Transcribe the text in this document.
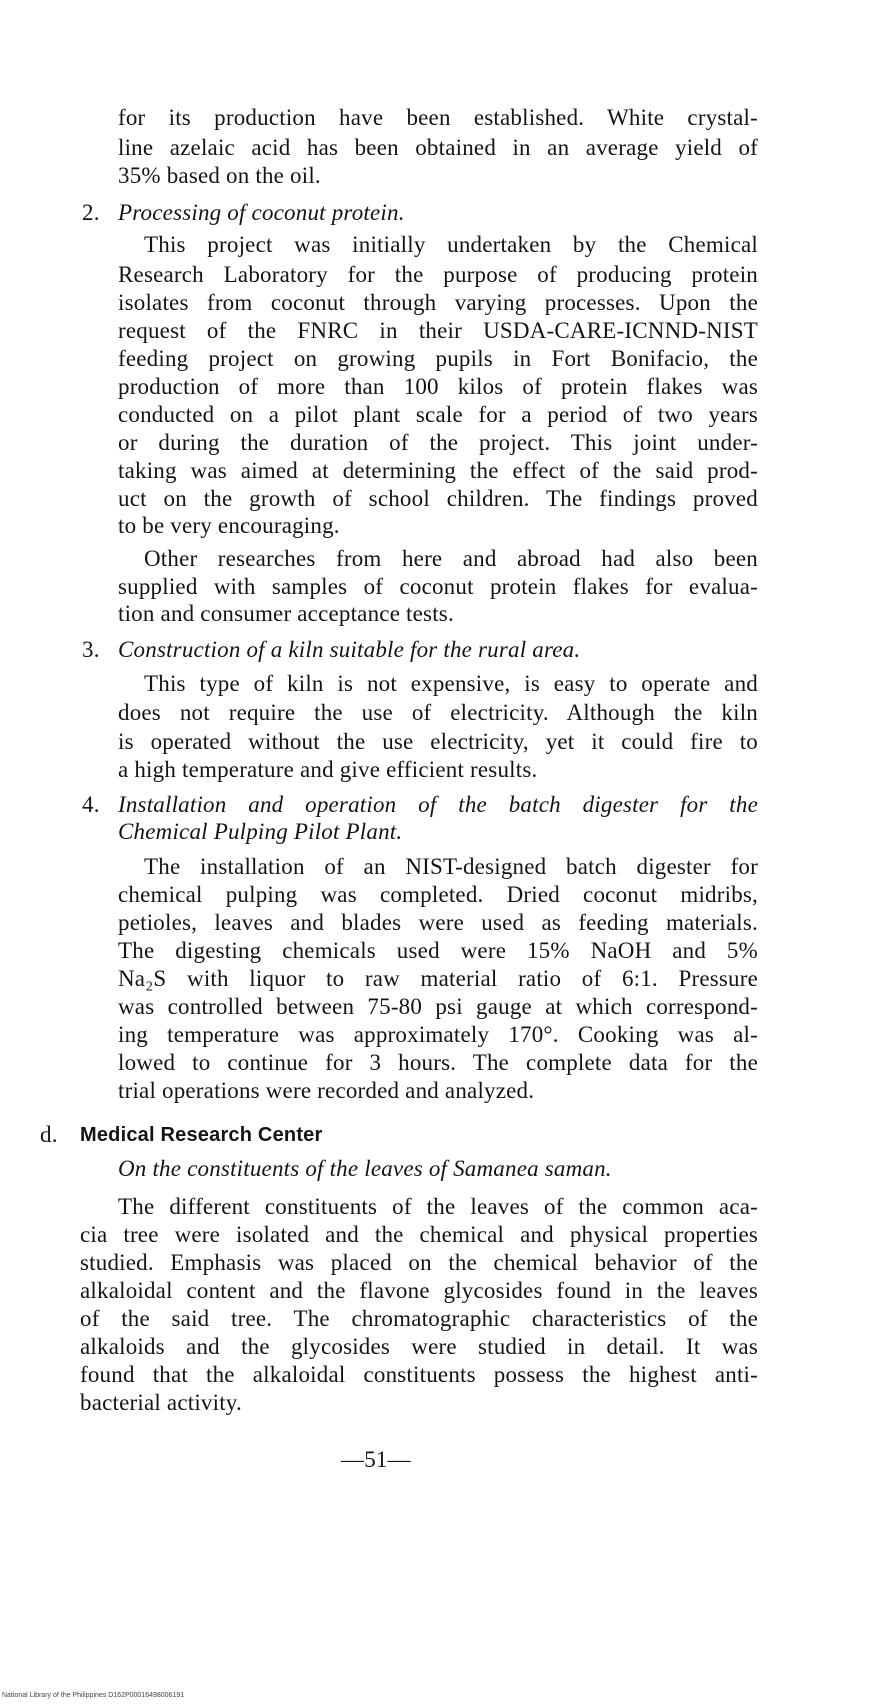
for its production have been established. White crystal-
line azelaic acid has been obtained in an average yield of
35% based on the oil.
2. Processing of coconut protein.
This project was initially undertaken by the Chemical
Research Laboratory for the purpose of producing protein
isolates from coconut through varying processes. Upon the
request of the FNRC in their USDA-CARE-ICNND-NIST
feeding project on growing pupils in Fort Bonifacio, the
production of more than 100 kilos of protein flakes was
conducted on a pilot plant scale for a period of two years
or during the duration of the project. This joint under-
taking was aimed at determining the effect of the said prod-
uct on the growth of school children. The findings proved
to be very encouraging.
Other researches from here and abroad had also been
supplied with samples of coconut protein flakes for evalua-
tion and consumer acceptance tests.
3. Construction of a kiln suitable for the rural area.
This type of kiln is not expensive, is easy to operate and
does not require the use of electricity. Although the kiln
is operated without the use electricity, yet it could fire to
a high temperature and give efficient results.
4. Installation and operation of the batch digester for the
Chemical Pulping Pilot Plant.
The installation of an NIST-designed batch digester for
chemical pulping was completed. Dried coconut midribs,
petioles, leaves and blades were used as feeding materials.
The digesting chemicals used were 15% NaOH and 5%
Na₂S with liquor to raw material ratio of 6:1. Pressure
was controlled between 75-80 psi gauge at which correspond-
ing temperature was approximately 170°. Cooking was al-
lowed to continue for 3 hours. The complete data for the
trial operations were recorded and analyzed.
d. Medical Research Center
On the constituents of the leaves of Samanea saman.
The different constituents of the leaves of the common aca-
cia tree were isolated and the chemical and physical properties
studied. Emphasis was placed on the chemical behavior of the
alkaloidal content and the flavone glycosides found in the leaves
of the said tree. The chromatographic characteristics of the
alkaloids and the glycosides were studied in detail. It was
found that the alkaloidal constituents possess the highest anti-
bacterial activity.
—51—
National Library of the Philippines D162P00016498006191
